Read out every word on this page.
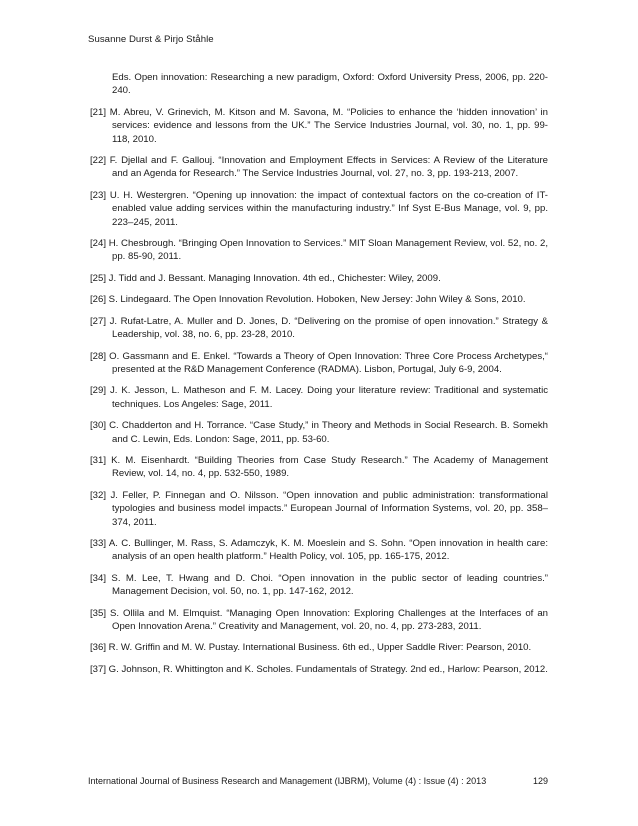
Susanne Durst & Pirjo Ståhle

Eds. Open innovation: Researching a new paradigm, Oxford: Oxford University Press, 2006, pp. 220-240.

[21] M. Abreu, V. Grinevich, M. Kitson and M. Savona, M. “Policies to enhance the ‘hidden innovation’ in services: evidence and lessons from the UK.” The Service Industries Journal, vol. 30, no. 1, pp. 99-118, 2010.

[22] F. Djellal and F. Gallouj. “Innovation and Employment Effects in Services: A Review of the Literature and an Agenda for Research.” The Service Industries Journal, vol. 27, no. 3, pp. 193-213, 2007.

[23] U. H. Westergren. “Opening up innovation: the impact of contextual factors on the co-creation of IT-enabled value adding services within the manufacturing industry.” Inf Syst E-Bus Manage, vol. 9, pp. 223–245, 2011.

[24] H. Chesbrough. “Bringing Open Innovation to Services.” MIT Sloan Management Review, vol. 52, no. 2, pp. 85-90, 2011.

[25] J. Tidd and J. Bessant. Managing Innovation. 4th ed., Chichester: Wiley, 2009.

[26] S. Lindegaard. The Open Innovation Revolution. Hoboken, New Jersey: John Wiley & Sons, 2010.

[27] J. Rufat-Latre, A. Muller and D. Jones, D. “Delivering on the promise of open innovation.” Strategy & Leadership, vol. 38, no. 6, pp. 23-28, 2010.

[28] O. Gassmann and E. Enkel. “Towards a Theory of Open Innovation: Three Core Process Archetypes,“ presented at the R&D Management Conference (RADMA). Lisbon, Portugal, July 6-9, 2004.

[29] J. K. Jesson, L. Matheson and F. M. Lacey. Doing your literature review: Traditional and systematic techniques. Los Angeles: Sage, 2011.

[30] C. Chadderton and H. Torrance. “Case Study,” in Theory and Methods in Social Research. B. Somekh and C. Lewin, Eds. London: Sage, 2011, pp. 53-60.

[31] K. M. Eisenhardt. “Building Theories from Case Study Research.” The Academy of Management Review, vol. 14, no. 4, pp. 532-550, 1989.

[32] J. Feller, P. Finnegan and O. Nilsson. “Open innovation and public administration: transformational typologies and business model impacts.” European Journal of Information Systems, vol. 20, pp. 358–374, 2011.

[33] A. C. Bullinger, M. Rass, S. Adamczyk, K. M. Moeslein and S. Sohn. “Open innovation in health care: analysis of an open health platform.” Health Policy, vol. 105, pp. 165-175, 2012.

[34] S. M. Lee, T. Hwang and D. Choi. “Open innovation in the public sector of leading countries.” Management Decision, vol. 50, no. 1, pp. 147-162, 2012.

[35] S. Ollila and M. Elmquist. “Managing Open Innovation: Exploring Challenges at the Interfaces of an Open Innovation Arena.” Creativity and Management, vol. 20, no. 4, pp. 273-283, 2011.

[36] R. W. Griffin and M. W. Pustay. International Business. 6th ed., Upper Saddle River: Pearson, 2010.

[37] G. Johnson, R. Whittington and K. Scholes. Fundamentals of Strategy. 2nd ed., Harlow: Pearson, 2012.

International Journal of Business Research and Management (IJBRM), Volume (4) : Issue (4) : 2013	129
